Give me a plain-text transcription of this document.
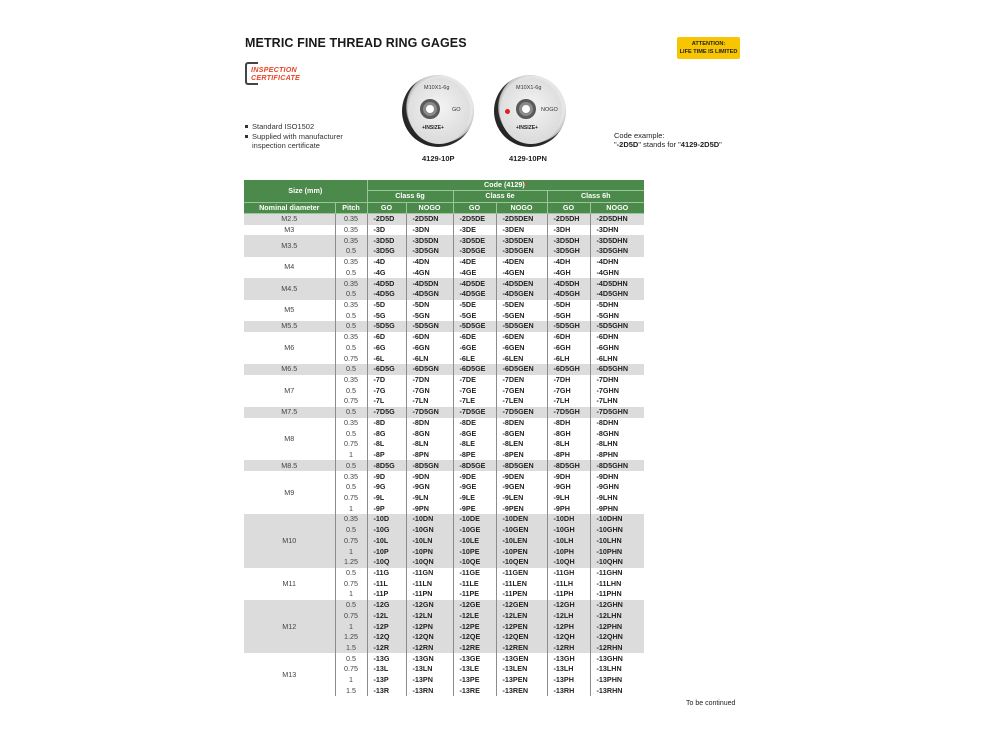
METRIC FINE THREAD RING GAGES	ATTENTION:
LIFE TIME IS LIMITED
INSPECTION
CERTIFICATE
Standard ISO1502
Supplied with manufacturer
inspection certificate
M10X1-6g
GO
+INSIZE+
4129-10P
M10X1-6g
NOGO
+INSIZE+
4129-10PN
Code example:
"-2D5D" stands for "4129-2D5D"
Size (mm)		Code (4129)*					
		Class 6g		Class 6e		Class 6h	
Nominal diameter	Pitch	GO	NOGO	GO	NOGO	GO	NOGO
M2.5	0.35	-2D5D	-2D5DN	-2D5DE	-2D5DEN	-2D5DH	-2D5DHN
M3	0.35	-3D	-3DN	-3DE	-3DEN	-3DH	-3DHN
M3.5	0.35	-3D5D	-3D5DN	-3D5DE	-3D5DEN	-3D5DH	-3D5DHN
	0.5	-3D5G	-3D5GN	-3D5GE	-3D5GEN	-3D5GH	-3D5GHN
M4	0.35	-4D	-4DN	-4DE	-4DEN	-4DH	-4DHN
	0.5	-4G	-4GN	-4GE	-4GEN	-4GH	-4GHN
M4.5	0.35	-4D5D	-4D5DN	-4D5DE	-4D5DEN	-4D5DH	-4D5DHN
	0.5	-4D5G	-4D5GN	-4D5GE	-4D5GEN	-4D5GH	-4D5GHN
M5	0.35	-5D	-5DN	-5DE	-5DEN	-5DH	-5DHN
	0.5	-5G	-5GN	-5GE	-5GEN	-5GH	-5GHN
M5.5	0.5	-5D5G	-5D5GN	-5D5GE	-5D5GEN	-5D5GH	-5D5GHN
M6	0.35	-6D	-6DN	-6DE	-6DEN	-6DH	-6DHN
	0.5	-6G	-6GN	-6GE	-6GEN	-6GH	-6GHN
	0.75	-6L	-6LN	-6LE	-6LEN	-6LH	-6LHN
M6.5	0.5	-6D5G	-6D5GN	-6D5GE	-6D5GEN	-6D5GH	-6D5GHN
M7	0.35	-7D	-7DN	-7DE	-7DEN	-7DH	-7DHN
	0.5	-7G	-7GN	-7GE	-7GEN	-7GH	-7GHN
	0.75	-7L	-7LN	-7LE	-7LEN	-7LH	-7LHN
M7.5	0.5	-7D5G	-7D5GN	-7D5GE	-7D5GEN	-7D5GH	-7D5GHN
M8	0.35	-8D	-8DN	-8DE	-8DEN	-8DH	-8DHN
	0.5	-8G	-8GN	-8GE	-8GEN	-8GH	-8GHN
	0.75	-8L	-8LN	-8LE	-8LEN	-8LH	-8LHN
	1	-8P	-8PN	-8PE	-8PEN	-8PH	-8PHN
M8.5	0.5	-8D5G	-8D5GN	-8D5GE	-8D5GEN	-8D5GH	-8D5GHN
M9	0.35	-9D	-9DN	-9DE	-9DEN	-9DH	-9DHN
	0.5	-9G	-9GN	-9GE	-9GEN	-9GH	-9GHN
	0.75	-9L	-9LN	-9LE	-9LEN	-9LH	-9LHN
	1	-9P	-9PN	-9PE	-9PEN	-9PH	-9PHN
M10	0.35	-10D	-10DN	-10DE	-10DEN	-10DH	-10DHN
	0.5	-10G	-10GN	-10GE	-10GEN	-10GH	-10GHN
	0.75	-10L	-10LN	-10LE	-10LEN	-10LH	-10LHN
	1	-10P	-10PN	-10PE	-10PEN	-10PH	-10PHN
	1.25	-10Q	-10QN	-10QE	-10QEN	-10QH	-10QHN
M11	0.5	-11G	-11GN	-11GE	-11GEN	-11GH	-11GHN
	0.75	-11L	-11LN	-11LE	-11LEN	-11LH	-11LHN
	1	-11P	-11PN	-11PE	-11PEN	-11PH	-11PHN
M12	0.5	-12G	-12GN	-12GE	-12GEN	-12GH	-12GHN
	0.75	-12L	-12LN	-12LE	-12LEN	-12LH	-12LHN
	1	-12P	-12PN	-12PE	-12PEN	-12PH	-12PHN
	1.25	-12Q	-12QN	-12QE	-12QEN	-12QH	-12QHN
	1.5	-12R	-12RN	-12RE	-12REN	-12RH	-12RHN
M13	0.5	-13G	-13GN	-13GE	-13GEN	-13GH	-13GHN
	0.75	-13L	-13LN	-13LE	-13LEN	-13LH	-13LHN
	1	-13P	-13PN	-13PE	-13PEN	-13PH	-13PHN
	1.5	-13R	-13RN	-13RE	-13REN	-13RH	-13RHN
To be continued
